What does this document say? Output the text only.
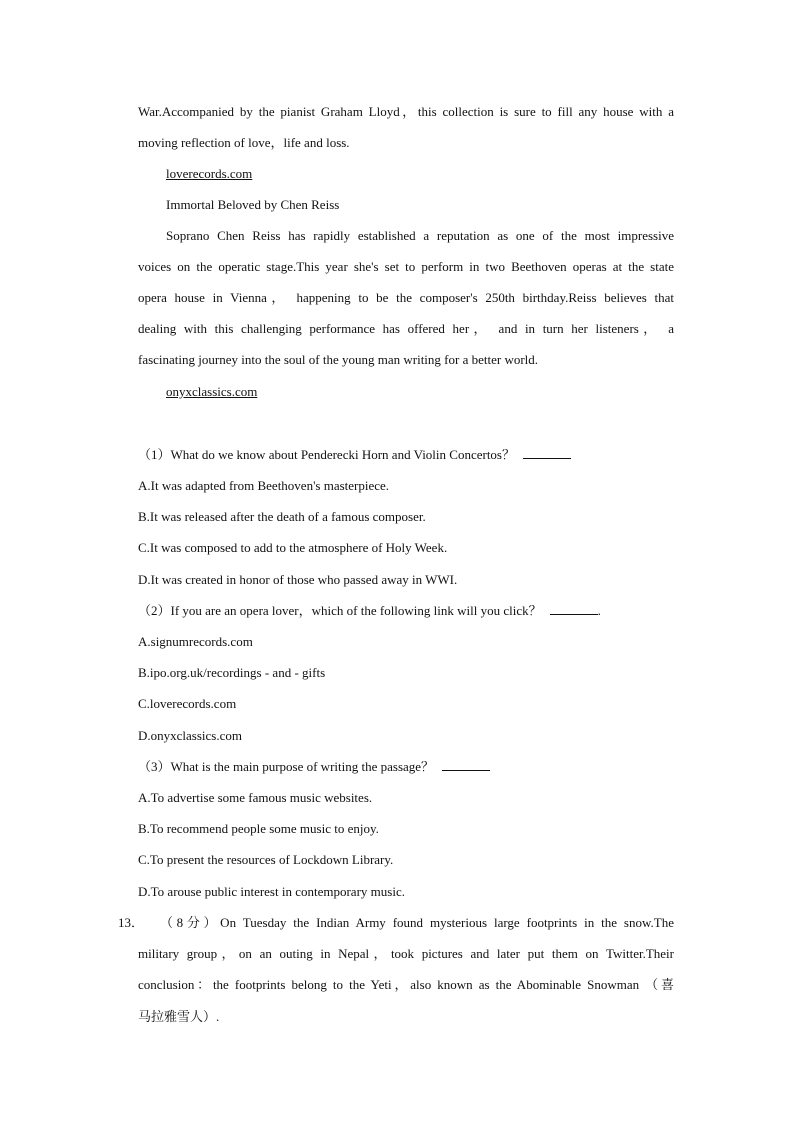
War.Accompanied by the pianist Graham Lloyd，this collection is sure to fill any house with a
moving reflection of love，life and loss.
loverecords.com
Immortal Beloved by Chen Reiss
Soprano Chen Reiss has rapidly established a reputation as one of the most impressive
voices on the operatic stage.This year she's set to perform in two Beethoven operas at the state
opera house in Vienna， happening to be the composer's 250th birthday.Reiss believes that
dealing with this challenging performance has offered her， and in turn her listeners， a
fascinating journey into the soul of the young man writing for a better world.
onyxclassics.com
（1）What do we know about Penderecki Horn and Violin Concertos？
A.It was adapted from Beethoven's masterpiece.
B.It was released after the death of a famous composer.
C.It was composed to add to the atmosphere of Holy Week.
D.It was created in honor of those who passed away in WWI.
（2）If you are an opera lover，which of the following link will you click？	.
A.signumrecords.com
B.ipo.org.uk/recordings - and - gifts
C.loverecords.com
D.onyxclassics.com
（3）What is the main purpose of writing the passage？
A.To advertise some famous music websites.
B.To recommend people some music to enjoy.
C.To present the resources of Lockdown Library.
D.To arouse public interest in contemporary music.
13． （8分）On Tuesday the Indian Army found mysterious large footprints in the snow.The
military group，on an outing in Nepal，took pictures and later put them on Twitter.Their
conclusion：the footprints belong to the Yeti，also known as the Abominable Snowman （喜
马拉雅雪人）.
